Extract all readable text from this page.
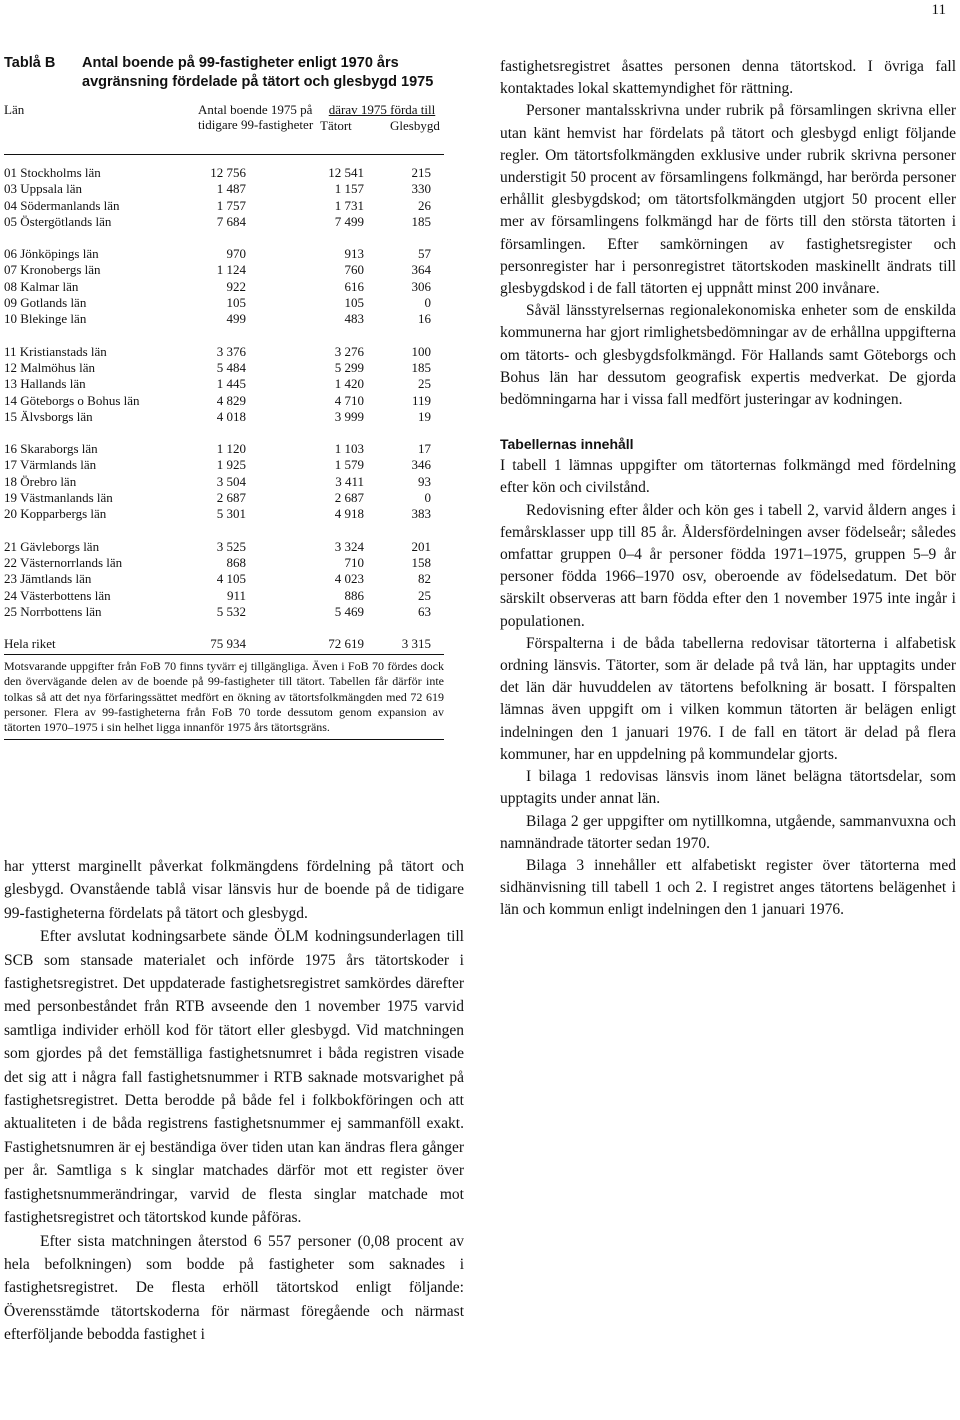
11
Tablå B	Antal boende på 99-fastigheter enligt 1970 års avgränsning fördelade på tätort och glesbygd 1975
Län	Antal boende 1975 på tidigare 99-fastigheter
därav 1975 förda till
Tätort	Glesbygd
01 Stockholms län	12 756	12 541	215
03 Uppsala län	1 487	1 157	330
04 Södermanlands län	1 757	1 731	26
05 Östergötlands län	7 684	7 499	185
06 Jönköpings län	970	913	57
07 Kronobergs län	1 124	760	364
08 Kalmar län	922	616	306
09 Gotlands län	105	105	0
10 Blekinge län	499	483	16
11 Kristianstads län	3 376	3 276	100
12 Malmöhus län	5 484	5 299	185
13 Hallands län	1 445	1 420	25
14 Göteborgs o Bohus län	4 829	4 710	119
15 Älvsborgs län	4 018	3 999	19
16 Skaraborgs län	1 120	1 103	17
17 Värmlands län	1 925	1 579	346
18 Örebro län	3 504	3 411	93
19 Västmanlands län	2 687	2 687	0
20 Kopparbergs län	5 301	4 918	383
21 Gävleborgs län	3 525	3 324	201
22 Västernorrlands län	868	710	158
23 Jämtlands län	4 105	4 023	82
24 Västerbottens län	911	886	25
25 Norrbottens län	5 532	5 469	63
Hela riket	75 934	72 619	3 315
Motsvarande uppgifter från FoB 70 finns tyvärr ej tillgängliga. Även i FoB 70 fördes dock den övervägande delen av de boende på 99-fastigheter till tätort. Tabellen får därför inte tolkas så att det nya förfaringssättet medfört en ökning av tätortsfolkmängden med 72 619 personer. Flera av 99-fastigheterna från FoB 70 torde dessutom genom expansion av tätorten 1970–1975 i sin helhet ligga innanför 1975 års tätortsgräns.

har ytterst marginellt påverkat folkmängdens fördelning på tätort och glesbygd. Ovanstående tablå visar länsvis hur de boende på de tidigare 99-fastigheterna fördelats på tätort och glesbygd.

Efter avslutat kodningsarbete sände ÖLM kodningsunderlagen till SCB som stansade materialet och införde 1975 års tätortskoder i fastighetsregistret. Det uppdaterade fastighetsregistret samkördes därefter med personbeståndet från RTB avseende den 1 november 1975 varvid samtliga individer erhöll kod för tätort eller glesbygd. Vid matchningen som gjordes på det femställiga fastighetsnumret i båda registren visade det sig att i några fall fastighetsnummer i RTB saknade motsvarighet på fastighetsregistret. Detta berodde på både fel i folkbokföringen och att aktualiteten i de båda registrens fastighetsnummer ej sammanföll exakt. Fastighetsnumren är ej beständiga över tiden utan kan ändras flera gånger per år. Samtliga s k singlar matchades därför mot ett register över fastighetsnummerändringar, varvid de flesta singlar matchade mot fastighetsregistret och tätortskod kunde påföras.

Efter sista matchningen återstod 6 557 personer (0,08 procent av hela befolkningen) som bodde på fastigheter som saknades i fastighetsregistret. De flesta erhöll tätortskod enligt följande: Överensstämde tätortskoderna för närmast föregående och närmast efterföljande bebodda fastighet i

fastighetsregistret åsattes personen denna tätortskod. I övriga fall kontaktades lokal skattemyndighet för rättning.

Personer mantalsskrivna under rubrik på församlingen skrivna eller utan känt hemvist har fördelats på tätort och glesbygd enligt följande regler. Om tätortsfolkmängden exklusive under rubrik skrivna personer understigit 50 procent av församlingens folkmängd, har berörda personer erhållit glesbygdskod; om tätortsfolkmängden utgjort 50 procent eller mer av församlingens folkmängd har de förts till den största tätorten i församlingen. Efter samkörningen av fastighetsregister och personregister har i personregistret tätortskoden maskinellt ändrats till glesbygdskod i de fall tätorten ej uppnått minst 200 invånare.

Såväl länsstyrelsernas regionalekonomiska enheter som de enskilda kommunerna har gjort rimlighetsbedömningar av de erhållna uppgifterna om tätorts- och glesbygdsfolkmängd. För Hallands samt Göteborgs och Bohus län har dessutom geografisk expertis medverkat. De gjorda bedömningarna har i vissa fall medfört justeringar av kodningen.

Tabellernas innehåll

I tabell 1 lämnas uppgifter om tätorternas folkmängd med fördelning efter kön och civilstånd.

Redovisning efter ålder och kön ges i tabell 2, varvid åldern anges i femårsklasser upp till 85 år. Åldersfördelningen avser födelseår; således omfattar gruppen 0–4 år personer födda 1971–1975, gruppen 5–9 år personer födda 1966–1970 osv, oberoende av födelsedatum. Det bör särskilt observeras att barn födda efter den 1 november 1975 inte ingår i populationen.

Förspalterna i de båda tabellerna redovisar tätorterna i alfabetisk ordning länsvis. Tätorter, som är delade på två län, har upptagits under det län där huvuddelen av tätortens befolkning är bosatt. I förspalten lämnas även uppgift om i vilken kommun tätorten är belägen enligt indelningen den 1 januari 1976. I de fall en tätort är delad på flera kommuner, har en uppdelning på kommundelar gjorts.

I bilaga 1 redovisas länsvis inom länet belägna tätortsdelar, som upptagits under annat län.

Bilaga 2 ger uppgifter om nytillkomna, utgående, sammanvuxna och namnändrade tätorter sedan 1970.

Bilaga 3 innehåller ett alfabetiskt register över tätorterna med sidhänvisning till tabell 1 och 2. I registret anges tätortens belägenhet i län och kommun enligt indelningen den 1 januari 1976.
